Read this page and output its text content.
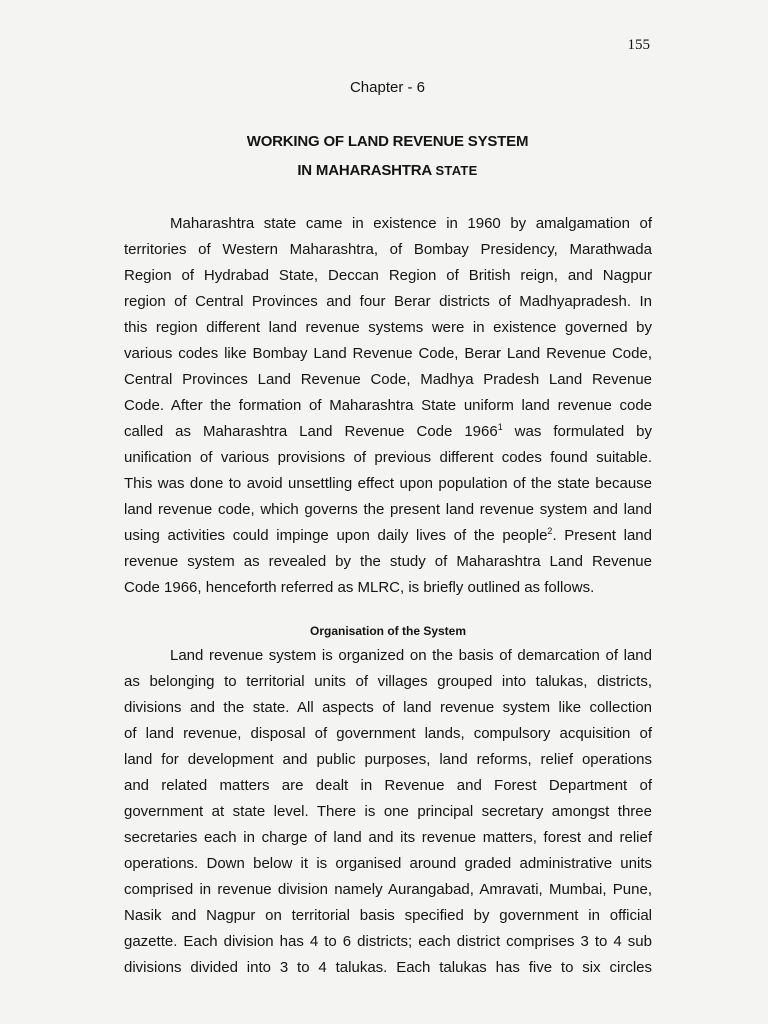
155
Chapter - 6
WORKING OF LAND REVENUE SYSTEM
IN MAHARASHTRA STATE
Maharashtra state came in existence in 1960 by amalgamation of
territories of Western Maharashtra, of Bombay Presidency, Marathwada
Region of Hydrabad State, Deccan Region of British reign, and Nagpur
region of Central Provinces and four Berar districts of Madhyapradesh. In
this region different land revenue systems were in existence governed by
various codes like Bombay Land Revenue Code, Berar Land Revenue Code,
Central Provinces Land Revenue Code, Madhya Pradesh Land Revenue
Code. After the formation of Maharashtra State uniform land revenue code
called as Maharashtra Land Revenue Code 1966$^1$ was formulated by
unification of various provisions of previous different codes found suitable.
This was done to avoid unsettling effect upon population of the state because
land revenue code, which governs the present land revenue system and land
using activities could impinge upon daily lives of the people$^2$. Present land
revenue system as revealed by the study of Maharashtra Land Revenue
Code 1966, henceforth referred as MLRC, is briefly outlined as follows.
Organisation of the System
Land revenue system is organized on the basis of demarcation of land
as belonging to territorial units of villages grouped into talukas, districts,
divisions and the state. All aspects of land revenue system like collection
of land revenue, disposal of government lands, compulsory acquisition of
land for development and public purposes, land reforms, relief operations
and related matters are dealt in Revenue and Forest Department of
government at state level. There is one principal secretary amongst three
secretaries each in charge of land and its revenue matters, forest and relief
operations. Down below it is organised around graded administrative units
comprised in revenue division namely Aurangabad, Amravati, Mumbai, Pune,
Nasik and Nagpur on territorial basis specified by government in official
gazette. Each division has 4 to 6 districts; each district comprises 3 to 4 sub
divisions divided into 3 to 4 talukas. Each talukas has five to six circles
